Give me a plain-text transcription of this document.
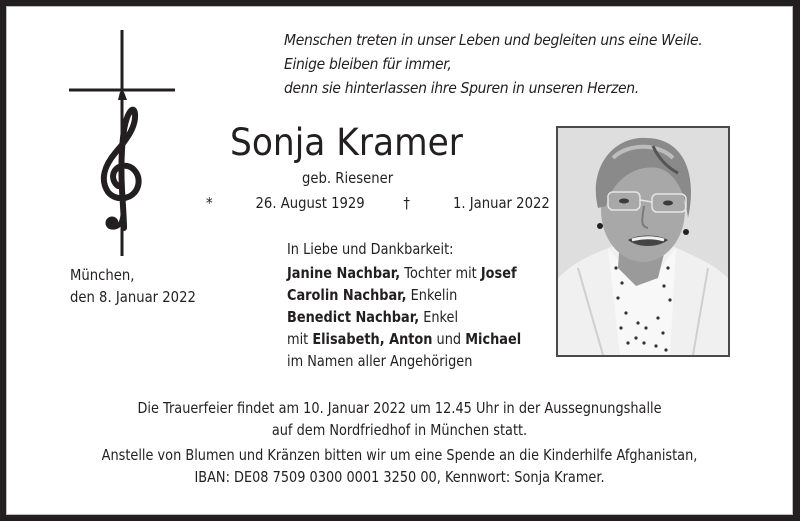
Menschen treten in unser Leben und begleiten uns eine Weile.
Einige bleiben für immer,
denn sie hinterlassen ihre Spuren in unseren Herzen.
Sonja Kramer
geb. Riesener
*	26. August 1929	†	1. Januar 2022
München,
den 8. Januar 2022
In Liebe und Dankbarkeit:
Janine Nachbar, Tochter mit Josef
Carolin Nachbar, Enkelin
Benedict Nachbar, Enkel
mit Elisabeth, Anton und Michael
im Namen aller Angehörigen
Die Trauerfeier findet am 10. Januar 2022 um 12.45 Uhr in der Aussegnungshalle
auf dem Nordfriedhof in München statt.
Anstelle von Blumen und Kränzen bitten wir um eine Spende an die Kinderhilfe Afghanistan,
IBAN: DE08 7509 0300 0001 3250 00, Kennwort: Sonja Kramer.
